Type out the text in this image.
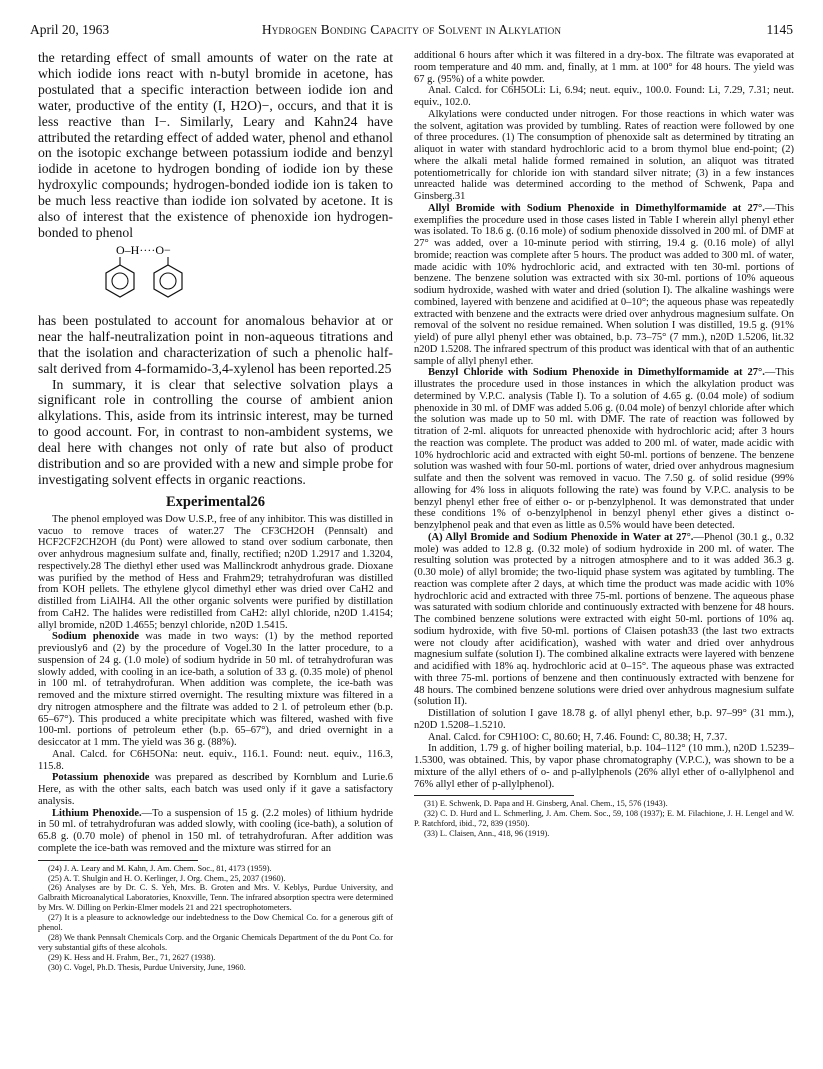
April 20, 1963	Hydrogen Bonding Capacity of Solvent in Alkylation	1145

the retarding effect of small amounts of water on the rate at which iodide ions react with n-butyl bromide in acetone, has postulated that a specific interaction between iodide ion and water, productive of the entity (I, H2O)−, occurs, and that it is less reactive than I−. Similarly, Leary and Kahn24 have attributed the retarding effect of added water, phenol and ethanol on the isotopic exchange between potassium iodide and benzyl iodide in acetone to hydrogen bonding of iodide ion by these hydroxylic compounds; hydrogen-bonded iodide ion is taken to be much less reactive than iodide ion solvated by acetone. It is also of interest that the existence of phenoxide ion hydrogen-bonded to phenol

O–H····O−

has been postulated to account for anomalous behavior at or near the half-neutralization point in non-aqueous titrations and that the isolation and characterization of such a phenolic half-salt derived from 4-formamido-3,4-xylenol has been reported.25

In summary, it is clear that selective solvation plays a significant role in controlling the course of ambient anion alkylations. This, aside from its intrinsic interest, may be turned to good account. For, in contrast to non-ambident systems, we deal here with changes not only of rate but also of product distribution and so are provided with a new and simple probe for investigating solvent effects in organic reactions.

Experimental26

The phenol employed was Dow U.S.P., free of any inhibitor. This was distilled in vacuo to remove traces of water.27 The CF3CH2OH (Pennsalt) and HCF2CF2CH2OH (du Pont) were allowed to stand over sodium carbonate, then over anhydrous magnesium sulfate and, finally, rectified; n20D 1.2917 and 1.3204, respectively.28 The diethyl ether used was Mallinckrodt anhydrous grade. Dioxane was purified by the method of Hess and Frahm29; tetrahydrofuran was distilled from KOH pellets. The ethylene glycol dimethyl ether was dried over CaH2 and distilled from LiAlH4. All the other organic solvents were purified by distillation from CaH2. The halides were redistilled from CaH2: allyl chloride, n20D 1.4154; allyl bromide, n20D 1.4655; benzyl chloride, n20D 1.5415.

Sodium phenoxide was made in two ways: (1) by the method reported previously6 and (2) by the procedure of Vogel.30 In the latter procedure, to a suspension of 24 g. (1.0 mole) of sodium hydride in 50 ml. of tetrahydrofuran was slowly added, with cooling in an ice-bath, a solution of 33 g. (0.35 mole) of phenol in 100 ml. of tetrahydrofuran. When addition was complete, the ice-bath was removed and the mixture stirred overnight. The resulting mixture was filtered in a dry nitrogen atmosphere and the filtrate was added to 2 l. of petroleum ether (b.p. 65–67°). This produced a white precipitate which was filtered, washed with five 100-ml. portions of petroleum ether (b.p. 65–67°), and dried overnight in a desiccator at 1 mm. The yield was 36 g. (88%).

Anal. Calcd. for C6H5ONa: neut. equiv., 116.1. Found: neut. equiv., 116.3, 115.8.

Potassium phenoxide was prepared as described by Kornblum and Lurie.6 Here, as with the other salts, each batch was used only if it gave a satisfactory analysis.

Lithium Phenoxide.—To a suspension of 15 g. (2.2 moles) of lithium hydride in 50 ml. of tetrahydrofuran was added slowly, with cooling (ice-bath), a solution of 65.8 g. (0.70 mole) of phenol in 150 ml. of tetrahydrofuran. After addition was complete the ice-bath was removed and the mixture was stirred for an

(24) J. A. Leary and M. Kahn, J. Am. Chem. Soc., 81, 4173 (1959).

(25) A. T. Shulgin and H. O. Kerlinger, J. Org. Chem., 25, 2037 (1960).

(26) Analyses are by Dr. C. S. Yeh, Mrs. B. Groten and Mrs. V. Keblys, Purdue University, and Galbraith Microanalytical Laboratories, Knoxville, Tenn. The infrared absorption spectra were determined by Mrs. W. Dilling on Perkin-Elmer models 21 and 221 spectrophotometers.

(27) It is a pleasure to acknowledge our indebtedness to the Dow Chemical Co. for a generous gift of phenol.

(28) We thank Pennsalt Chemicals Corp. and the Organic Chemicals Department of the du Pont Co. for very substantial gifts of these alcohols.

(29) K. Hess and H. Frahm, Ber., 71, 2627 (1938).

(30) C. Vogel, Ph.D. Thesis, Purdue University, June, 1960.

additional 6 hours after which it was filtered in a dry-box. The filtrate was evaporated at room temperature and 40 mm. and, finally, at 1 mm. at 100° for 48 hours. The yield was 67 g. (95%) of a white powder.

Anal. Calcd. for C6H5OLi: Li, 6.94; neut. equiv., 100.0. Found: Li, 7.29, 7.31; neut. equiv., 102.0.

Alkylations were conducted under nitrogen. For those reactions in which water was the solvent, agitation was provided by tumbling. Rates of reaction were followed by one of three procedures. (1) The consumption of phenoxide salt as determined by titrating an aliquot in water with standard hydrochloric acid to a brom thymol blue end-point; (2) where the alkali metal halide formed remained in solution, an aliquot was titrated potentiometrically for chloride ion with standard silver nitrate; (3) in a few instances unreacted halide was determined according to the method of Schwenk, Papa and Ginsberg.31

Allyl Bromide with Sodium Phenoxide in Dimethylformamide at 27°.—This exemplifies the procedure used in those cases listed in Table I wherein allyl phenyl ether was isolated. To 18.6 g. (0.16 mole) of sodium phenoxide dissolved in 200 ml. of DMF at 27° was added, over a 10-minute period with stirring, 19.4 g. (0.16 mole) of allyl bromide; reaction was complete after 5 hours. The product was added to 300 ml. of water, made acidic with 10% hydrochloric acid, and extracted with ten 30-ml. portions of benzene. The benzene solution was extracted with six 30-ml. portions of 10% aqueous sodium hydroxide, washed with water and dried (solution I). The alkaline washings were combined, layered with benzene and acidified at 0–10°; the aqueous phase was repeatedly extracted with benzene and the extracts were dried over anhydrous magnesium sulfate. On removal of the solvent no residue remained. When solution I was distilled, 19.5 g. (91% yield) of pure allyl phenyl ether was obtained, b.p. 73–75° (7 mm.), n20D 1.5206, lit.32 n20D 1.5208. The infrared spectrum of this product was identical with that of an authentic sample of allyl phenyl ether.

Benzyl Chloride with Sodium Phenoxide in Dimethylformamide at 27°.—This illustrates the procedure used in those instances in which the alkylation product was determined by V.P.C. analysis (Table I). To a solution of 4.65 g. (0.04 mole) of sodium phenoxide in 30 ml. of DMF was added 5.06 g. (0.04 mole) of benzyl chloride after which the solution was made up to 50 ml. with DMF. The rate of reaction was followed by titration of 2-ml. aliquots for unreacted phenoxide with hydrochloric acid; after 3 hours the reaction was complete. The product was added to 200 ml. of water, made acidic with 10% hydrochloric acid and extracted with eight 50-ml. portions of benzene. The benzene solution was washed with four 50-ml. portions of water, dried over anhydrous magnesium sulfate and then the solvent was removed in vacuo. The 7.50 g. of solid residue (99% allowing for 4% loss in aliquots following the rate) was found by V.P.C. analysis to be benzyl phenyl ether free of either o- or p-benzylphenol. It was demonstrated that under these conditions 1% of o-benzylphenol in benzyl phenyl ether gives a distinct o-benzylphenol peak and that even as little as 0.5% would have been detected.

(A) Allyl Bromide and Sodium Phenoxide in Water at 27°.—Phenol (30.1 g., 0.32 mole) was added to 12.8 g. (0.32 mole) of sodium hydroxide in 200 ml. of water. The resulting solution was protected by a nitrogen atmosphere and to it was added 36.3 g. (0.30 mole) of allyl bromide; the two-liquid phase system was agitated by tumbling. The reaction was complete after 2 days, at which time the product was made acidic with 10% hydrochloric acid and extracted with three 75-ml. portions of benzene. The aqueous phase was saturated with sodium chloride and continuously extracted with benzene for 48 hours. The combined benzene solutions were extracted with eight 50-ml. portions of 10% aq. sodium hydroxide, with five 50-ml. portions of Claisen potash33 (the last two extracts were not cloudy after acidification), washed with water and dried over anhydrous magnesium sulfate (solution I). The combined alkaline extracts were layered with benzene and acidified with 18% aq. hydrochloric acid at 0–15°. The aqueous phase was extracted with three 75-ml. portions of benzene and then continuously extracted with benzene for 48 hours. The combined benzene solutions were dried over anhydrous magnesium sulfate (solution II).

Distillation of solution I gave 18.78 g. of allyl phenyl ether, b.p. 97–99° (31 mm.), n20D 1.5208–1.5210.

Anal. Calcd. for C9H10O: C, 80.60; H, 7.46. Found: C, 80.38; H, 7.37.

In addition, 1.79 g. of higher boiling material, b.p. 104–112° (10 mm.), n20D 1.5239–1.5300, was obtained. This, by vapor phase chromatography (V.P.C.), was shown to be a mixture of the allyl ethers of o- and p-allylphenols (26% allyl ether of o-allylphenol and 76% allyl ether of p-allylphenol).

(31) E. Schwenk, D. Papa and H. Ginsberg, Anal. Chem., 15, 576 (1943).

(32) C. D. Hurd and L. Schmerling, J. Am. Chem. Soc., 59, 108 (1937); E. M. Filachione, J. H. Lengel and W. P. Ratchford, ibid., 72, 839 (1950).

(33) L. Claisen, Ann., 418, 96 (1919).
